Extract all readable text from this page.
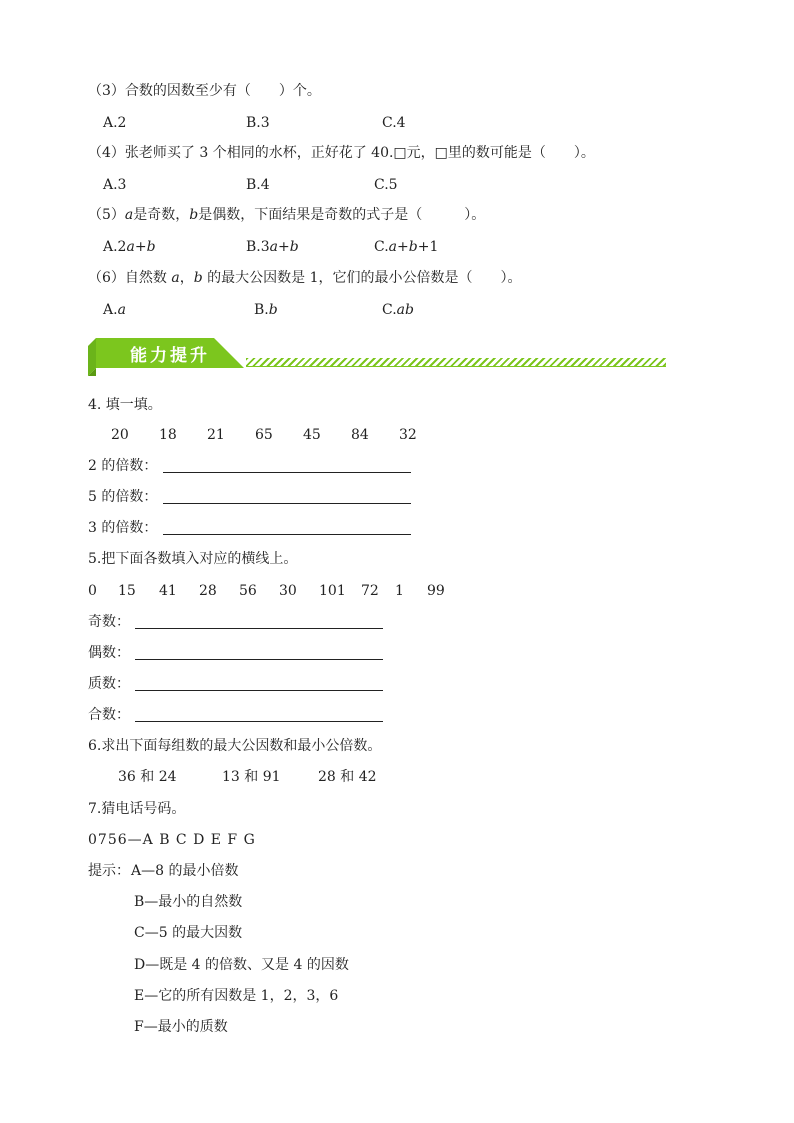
（3）合数的因数至少有（　　）个。
A.2	B.3	C.4
（4）张老师买了 3 个相同的水杯，正好花了 40.□元，□里的数可能是（　　）。
A.3	B.4	C.5
（5）a是奇数，b是偶数，下面结果是奇数的式子是（　　　）。
A.2a+b	B.3a+b	C.a+b+1
（6）自然数 a，b 的最大公因数是 1，它们的最小公倍数是（　　）。
A.a	B.b	C.ab
能力提升
4. 填一填。
20 18 21 65 45 84 32
2 的倍数：
5 的倍数：
3 的倍数：
5.把下面各数填入对应的横线上。
0 15 41 28 56 30 101 72 1 99
奇数：
偶数：
质数：
合数：
6.求出下面每组数的最大公因数和最小公倍数。
36 和 24	13 和 91	28 和 42
7.猜电话号码。
0756—A B C D E F G
提示： A—8 的最小倍数
B—最小的自然数
C—5 的最大因数
D—既是 4 的倍数、又是 4 的因数
E—它的所有因数是 1，2，3，6
F—最小的质数
